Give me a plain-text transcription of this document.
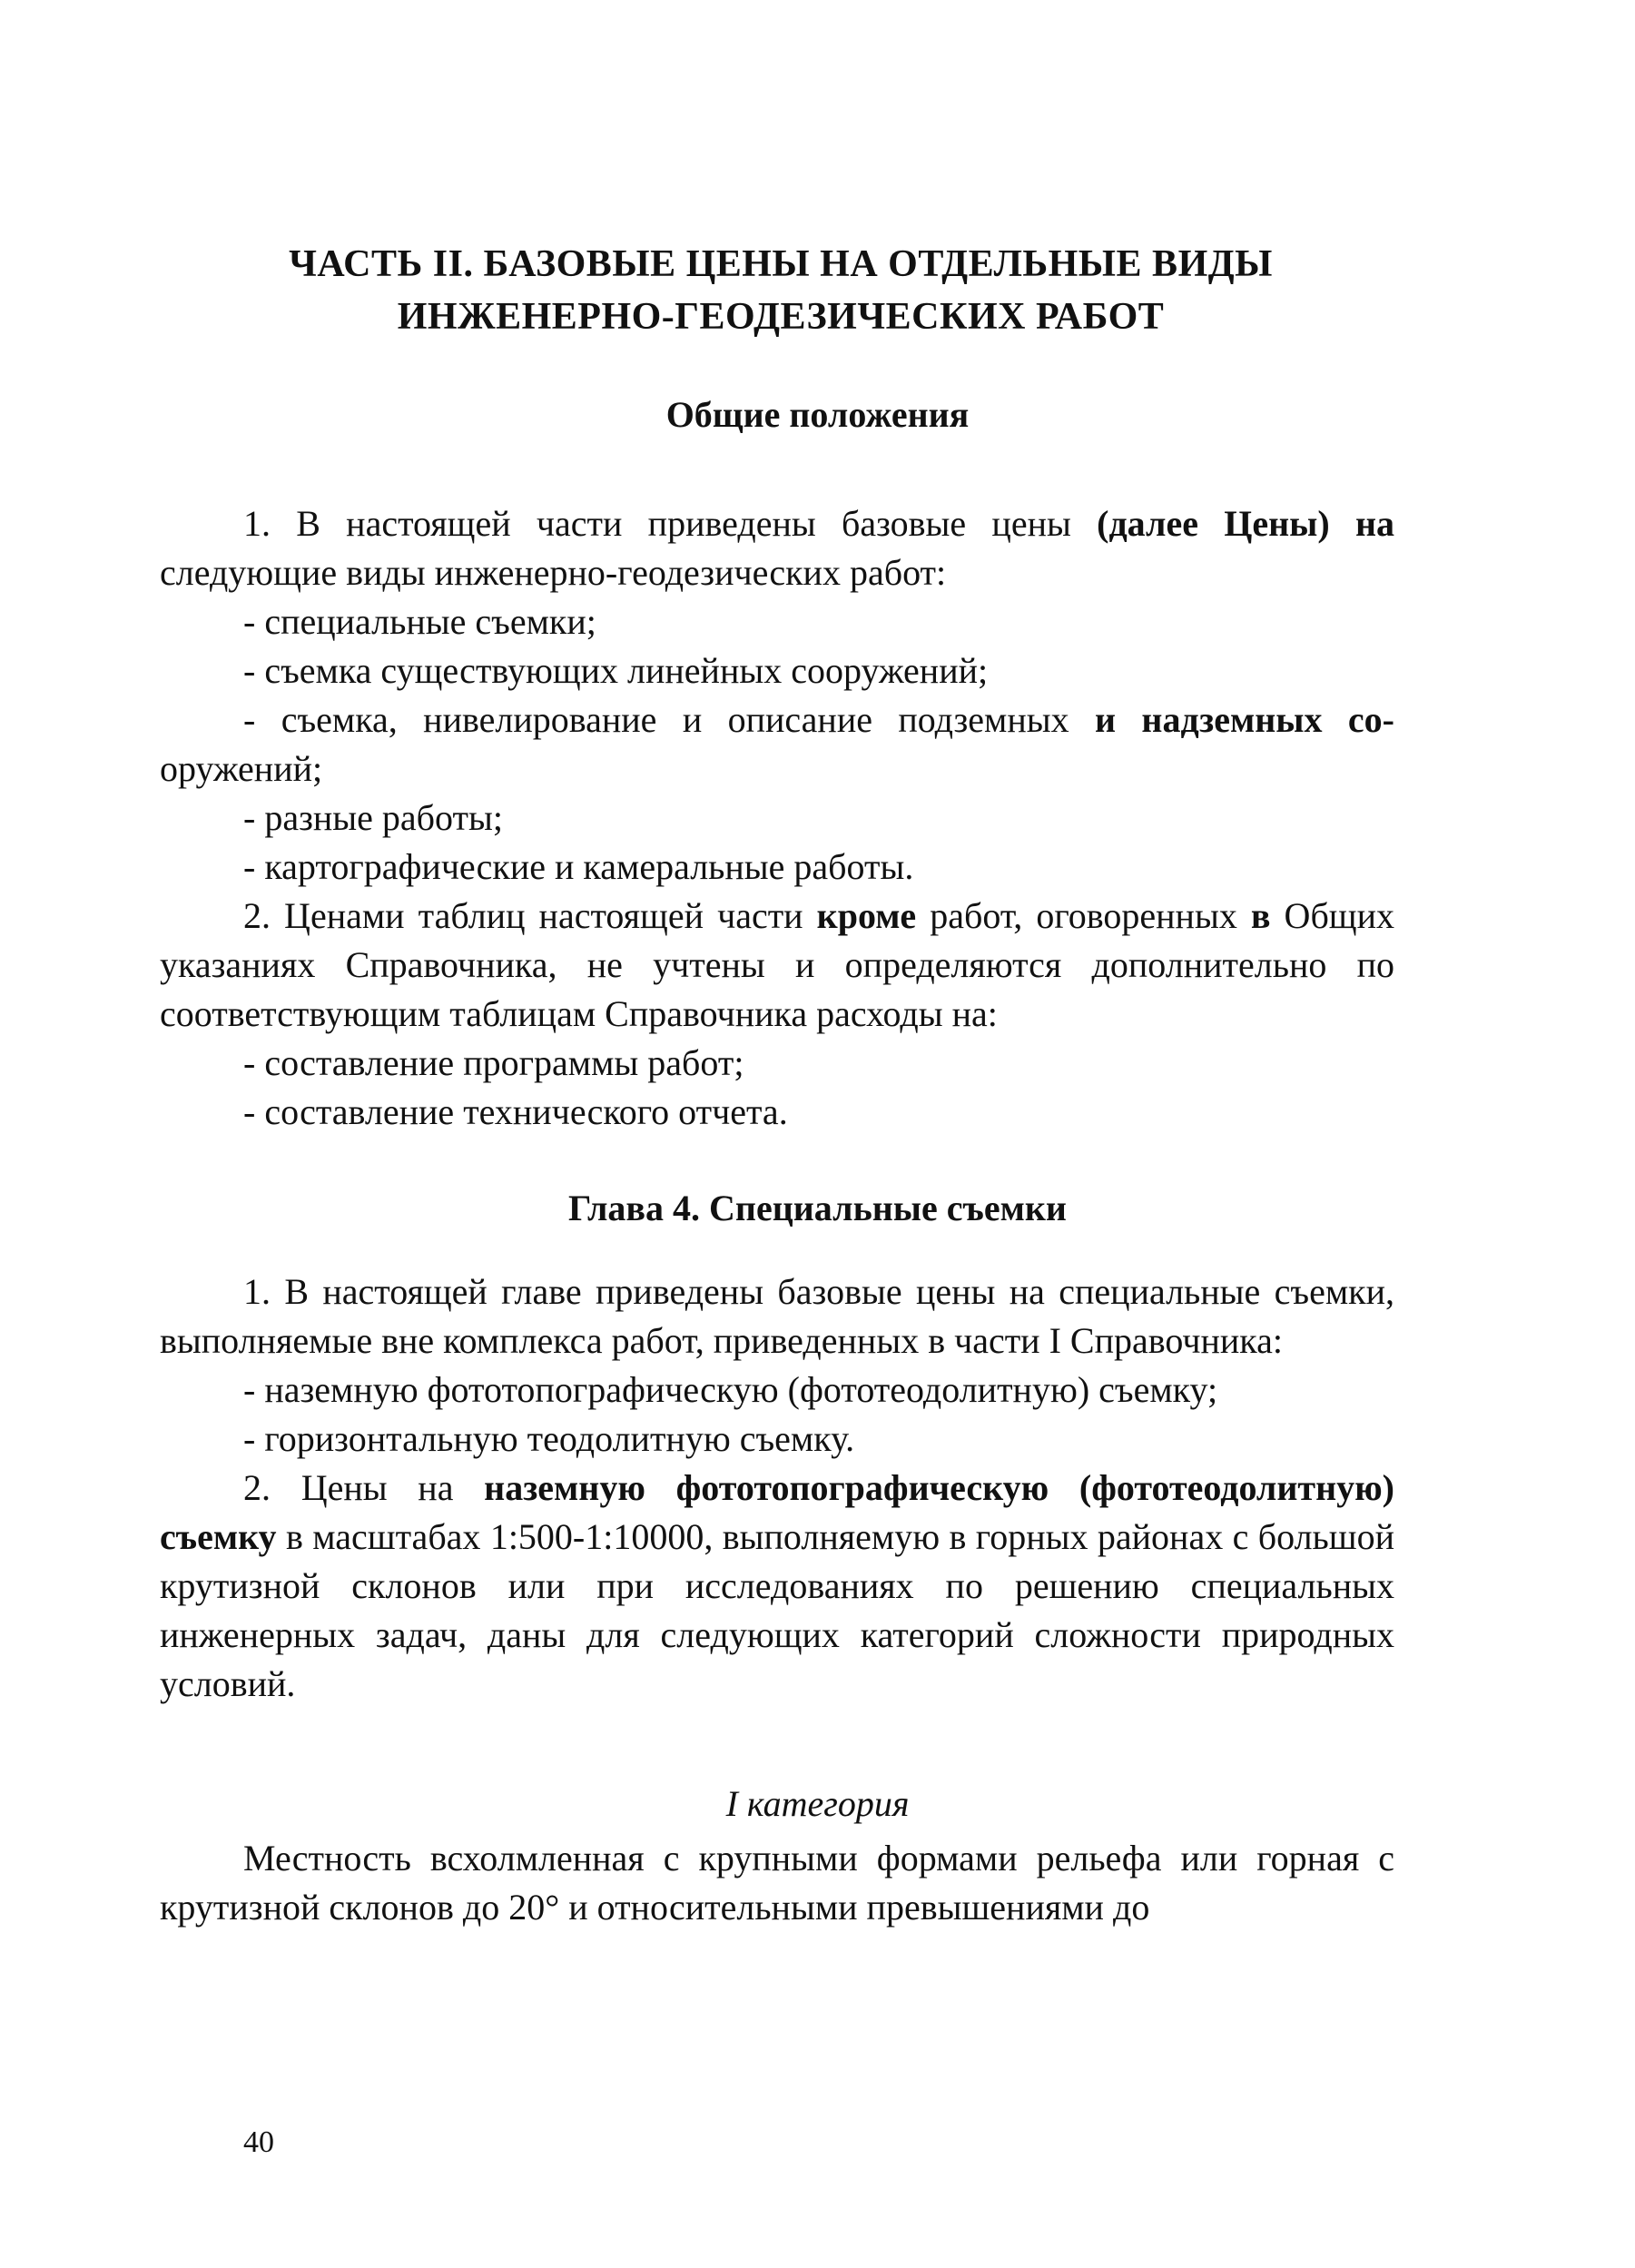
ЧАСТЬ II. БАЗОВЫЕ ЦЕНЫ НА ОТДЕЛЬНЫЕ ВИДЫ
ИНЖЕНЕРНО-ГЕОДЕЗИЧЕСКИХ РАБОТ
Общие положения

1. В настоящей части приведены базовые цены (далее Цены) на следующие виды инженерно-геодезических работ:

- специальные съемки;

- съемка существующих линейных сооружений;

- съемка, нивелирование и описание подземных и надземных со-оружений;

- разные работы;

- картографические и камеральные работы.

2. Ценами таблиц настоящей части кроме работ, оговоренных в Общих указаниях Справочника, не учтены и определяются дополнительно по соответствующим таблицам Справочника расходы на:

- составление программы работ;

- составление технического отчета.

Глава 4. Специальные съемки

1. В настоящей главе приведены базовые цены на специальные съемки, выполняемые вне комплекса работ, приведенных в части I Справочника:

- наземную фототопографическую (фототеодолитную) съемку;

- горизонтальную теодолитную съемку.

2. Цены на наземную фототопографическую (фототеодолитную) съемку в масштабах 1:500-1:10000, выполняемую в горных районах с большой крутизной склонов или при исследованиях по решению специальных инженерных задач, даны для следующих категорий сложности природных условий.

I категория

Местность всхолмленная с крупными формами рельефа или горная с крутизной склонов до 20° и относительными превышениями до

40
